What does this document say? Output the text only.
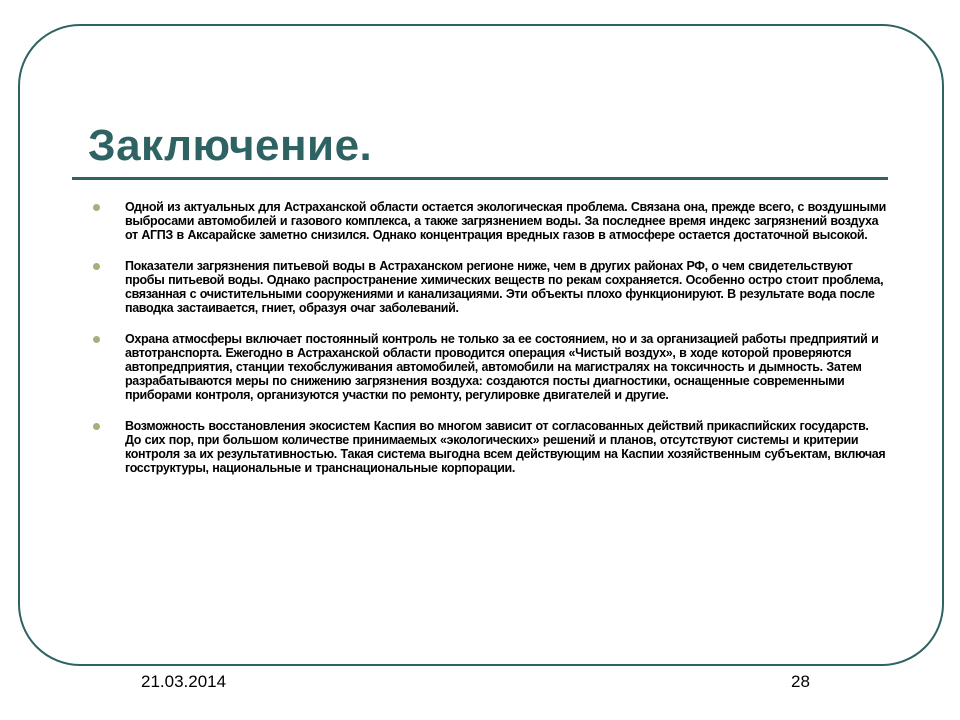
Заключение.
Одной из актуальных для Астраханской области остается экологическая проблема. Связана она, прежде всего, с воздушными выбросами автомобилей и газового комплекса, а также загрязнением воды. За последнее время индекс загрязнений воздуха от АГПЗ в Аксарайске заметно снизился. Однако концентрация вредных газов в атмосфере остается достаточной высокой.
Показатели загрязнения питьевой воды в Астраханском регионе ниже, чем в других районах РФ, о чем свидетельствуют пробы питьевой воды. Однако распространение химических веществ по рекам сохраняется. Особенно остро стоит проблема, связанная с очистительными сооружениями и канализациями. Эти объекты плохо функционируют. В результате вода после паводка застаивается, гниет, образуя очаг заболеваний.
Охрана атмосферы включает постоянный контроль не только за ее состоянием, но и за организацией работы предприятий и автотранспорта. Ежегодно в Астраханской области проводится операция «Чистый воздух», в ходе которой проверяются автопредприятия, станции техобслуживания автомобилей, автомобили на магистралях на токсичность и дымность. Затем разрабатываются меры по снижению загрязнения воздуха: создаются посты диагностики, оснащенные современными приборами контроля, организуются участки по ремонту, регулировке двигателей и другие.
Возможность восстановления экосистем Каспия во многом зависит от согласованных действий прикаспийских государств. До сих пор, при большом количестве принимаемых «экологических» решений и планов, отсутствуют системы и критерии контроля за их результативностью. Такая система выгодна всем действующим на Каспии хозяйственным субъектам, включая госструктуры, национальные и транснациональные корпорации.
21.03.2014	28
